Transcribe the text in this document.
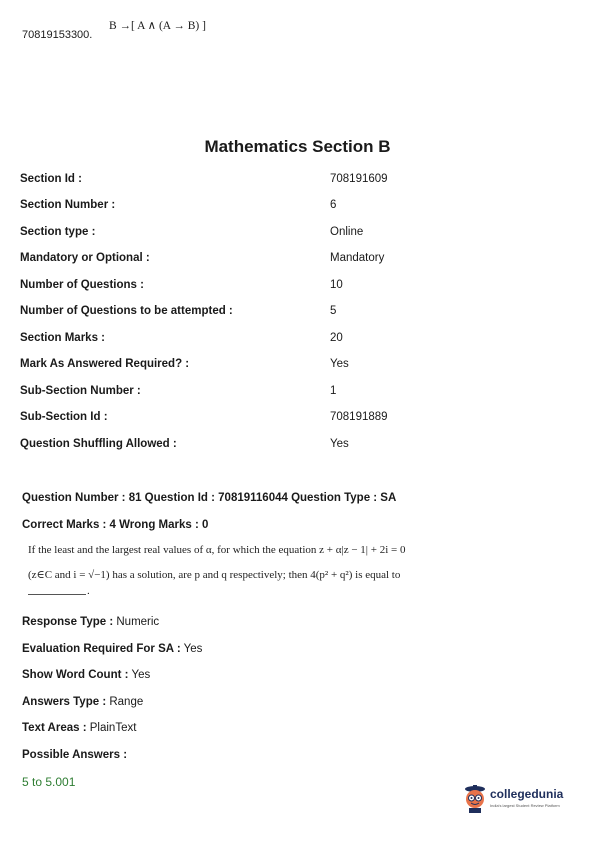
70819153300.
B →[ A ∧ (A → B) ]
Mathematics Section B
Section Id :	708191609
Section Number :	6
Section type :	Online
Mandatory or Optional :	Mandatory
Number of Questions :	10
Number of Questions to be attempted :	5
Section Marks :	20
Mark As Answered Required? :	Yes
Sub-Section Number :	1
Sub-Section Id :	708191889
Question Shuffling Allowed :	Yes
Question Number : 81 Question Id : 70819116044 Question Type : SA
Correct Marks : 4 Wrong Marks : 0
If the least and the largest real values of α, for which the equation z + α|z − 1| + 2i = 0
(z∈C and i = √−1) has a solution, are p and q respectively; then 4(p² + q²) is equal to
.
Response Type : Numeric
Evaluation Required For SA : Yes
Show Word Count : Yes
Answers Type : Range
Text Areas : PlainText
Possible Answers :
5 to 5.001
collegedunia
India's largest Student Review Platform
